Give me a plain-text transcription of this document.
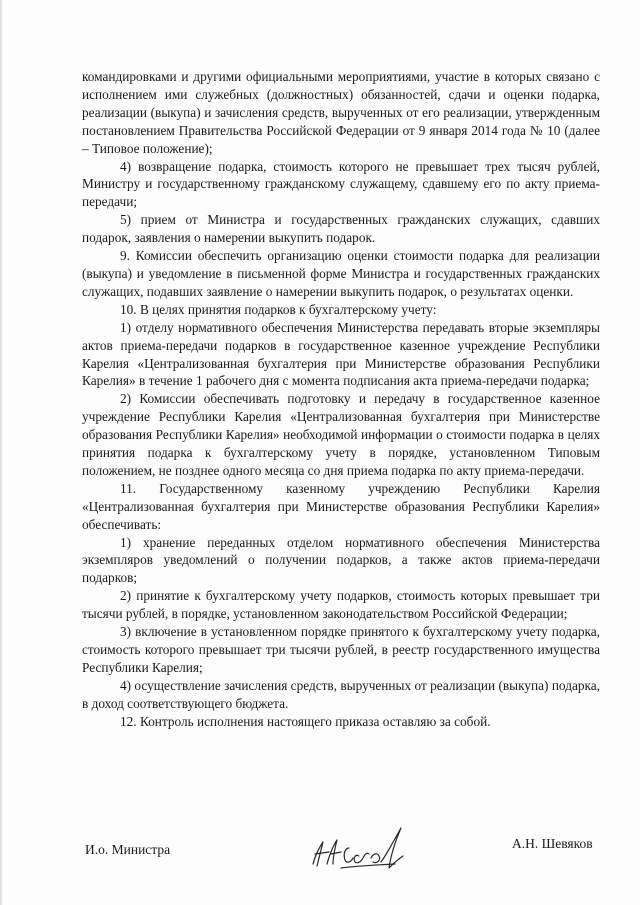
командировками и другими официальными мероприятиями, участие в которых связано с исполнением ими служебных (должностных) обязанностей, сдачи и оценки подарка, реализации (выкупа) и зачисления средств, вырученных от его реализации, утвержденным постановлением Правительства Российской Федерации от 9 января 2014 года № 10 (далее – Типовое положение);

4) возвращение подарка, стоимость которого не превышает трех тысяч рублей, Министру и государственному гражданскому служащему, сдавшему его по акту приема-передачи;

5) прием от Министра и государственных гражданских служащих, сдавших подарок, заявления о намерении выкупить подарок.

9. Комиссии обеспечить организацию оценки стоимости подарка для реализации (выкупа) и уведомление в письменной форме Министра и государственных гражданских служащих, подавших заявление о намерении выкупить подарок, о результатах оценки.

10. В целях принятия подарков к бухгалтерскому учету:

1) отделу нормативного обеспечения Министерства передавать вторые экземпляры актов приема-передачи подарков в государственное казенное учреждение Республики Карелия «Централизованная бухгалтерия при Министерстве образования Республики Карелия» в течение 1 рабочего дня с момента подписания акта приема-передачи подарка;

2) Комиссии обеспечивать подготовку и передачу в государственное казенное учреждение Республики Карелия «Централизованная бухгалтерия при Министерстве образования Республики Карелия» необходимой информации о стоимости подарка в целях принятия подарка к бухгалтерскому учету в порядке, установленном Типовым положением, не позднее одного месяца со дня приема подарка по акту приема-передачи.

11. Государственному казенному учреждению Республики Карелия «Централизованная бухгалтерия при Министерстве образования Республики Карелия» обеспечивать:

1) хранение переданных отделом нормативного обеспечения Министерства экземпляров уведомлений о получении подарков, а также актов приема-передачи подарков;

2) принятие к бухгалтерскому учету подарков, стоимость которых превышает три тысячи рублей, в порядке, установленном законодательством Российской Федерации;

3) включение в установленном порядке принятого к бухгалтерскому учету подарка, стоимость которого превышает три тысячи рублей, в реестр государственного имущества Республики Карелия;

4) осуществление зачисления средств, вырученных от реализации (выкупа) подарка, в доход соответствующего бюджета.

12. Контроль исполнения настоящего приказа оставляю за собой.

И.о. Министра	А.Н. Шевяков
